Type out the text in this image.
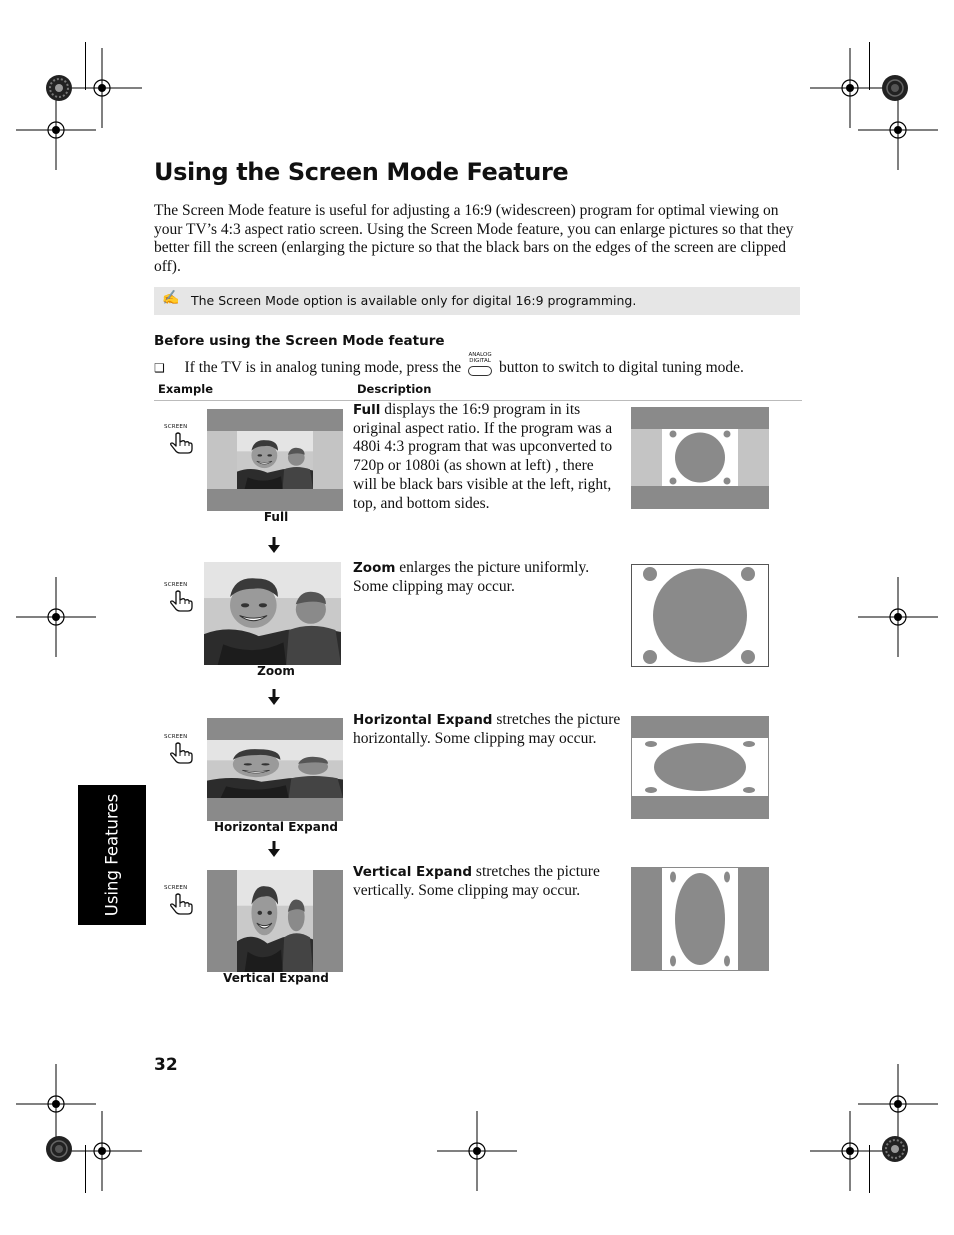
Using the Screen Mode Feature
The Screen Mode feature is useful for adjusting a 16:9 (widescreen) program for optimal viewing on your TV’s 4:3 aspect ratio screen. Using the Screen Mode feature, you can enlarge pictures so that they better fill the screen (enlarging the picture so that the black bars on the edges of the screen are clipped off).
✍ The Screen Mode option is available only for digital 16:9 programming.
Before using the Screen Mode feature
❑ If the TV is in analog tuning mode, press the
ANALOG
DIGITAL button to switch to digital tuning mode.
Example	Description
SCREEN
Full
Full displays the 16:9 program in its original aspect ratio. If the program was a 480i 4:3 program that was upconverted to 720p or 1080i (as shown at left) , there will be black bars visible at the left, right, top, and bottom sides.
SCREEN
Zoom
Zoom enlarges the picture uniformly. Some clipping may occur.
SCREEN
Horizontal Expand
Horizontal Expand stretches the picture horizontally. Some clipping may occur.
SCREEN
Vertical Expand
Vertical Expand stretches the picture vertically. Some clipping may occur.
Using Features
32
